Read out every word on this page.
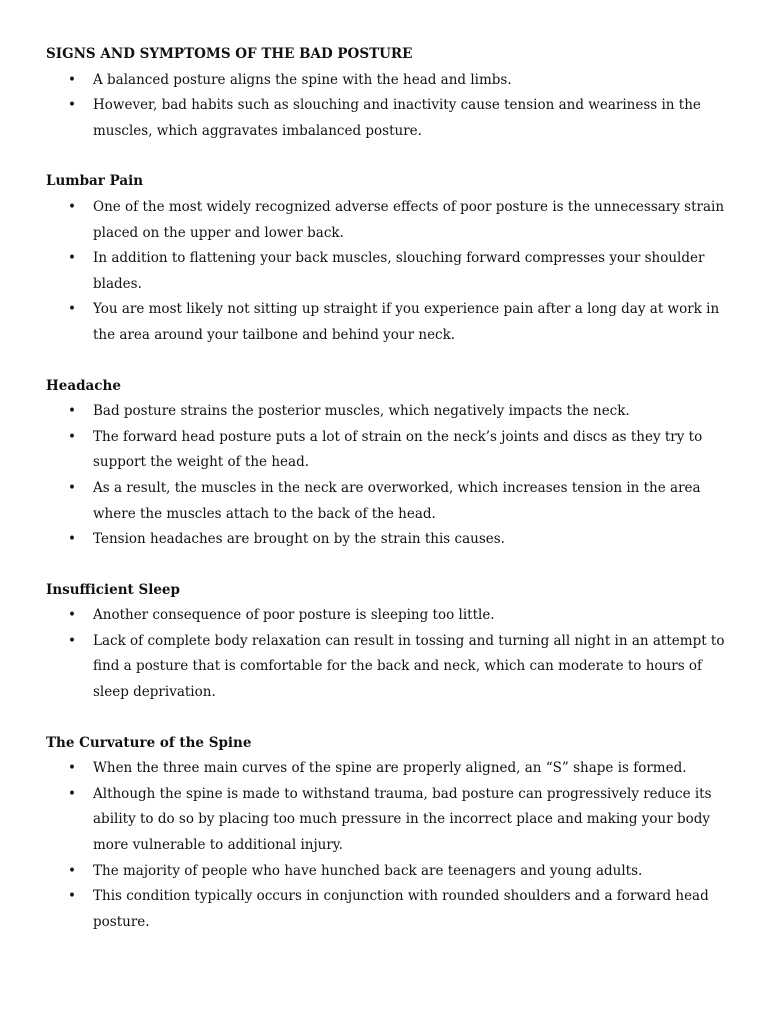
SIGNS AND SYMPTOMS OF THE BAD POSTURE
• A balanced posture aligns the spine with the head and limbs.
• However, bad habits such as slouching and inactivity cause tension and weariness in the muscles, which aggravates imbalanced posture.
Lumbar Pain
• One of the most widely recognized adverse effects of poor posture is the unnecessary strain placed on the upper and lower back.
• In addition to flattening your back muscles, slouching forward compresses your shoulder blades.
• You are most likely not sitting up straight if you experience pain after a long day at work in the area around your tailbone and behind your neck.
Headache
• Bad posture strains the posterior muscles, which negatively impacts the neck.
• The forward head posture puts a lot of strain on the neck’s joints and discs as they try to support the weight of the head.
• As a result, the muscles in the neck are overworked, which increases tension in the area where the muscles attach to the back of the head.
• Tension headaches are brought on by the strain this causes.
Insufficient Sleep
• Another consequence of poor posture is sleeping too little.
• Lack of complete body relaxation can result in tossing and turning all night in an attempt to find a posture that is comfortable for the back and neck, which can moderate to hours of sleep deprivation.
The Curvature of the Spine
• When the three main curves of the spine are properly aligned, an “S” shape is formed.
• Although the spine is made to withstand trauma, bad posture can progressively reduce its ability to do so by placing too much pressure in the incorrect place and making your body more vulnerable to additional injury.
• The majority of people who have hunched back are teenagers and young adults.
• This condition typically occurs in conjunction with rounded shoulders and a forward head posture.
